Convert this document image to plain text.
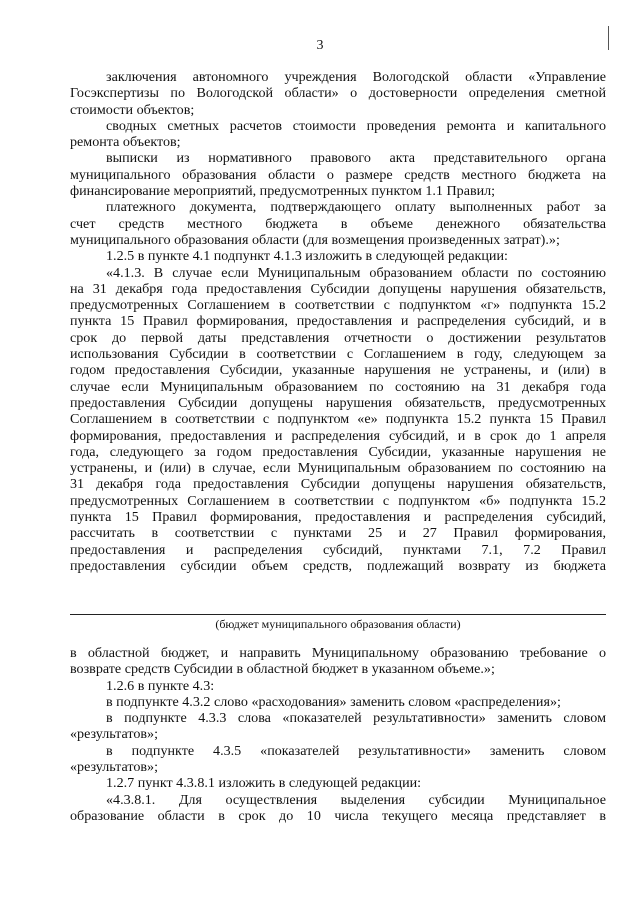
3

заключения автономного учреждения Вологодской области «Управление

Госэкспертизы по Вологодской области» о достоверности определения сметной

стоимости объектов;

сводных сметных расчетов стоимости проведения ремонта и капитального

ремонта объектов;

выписки из нормативного правового акта представительного органа

муниципального образования области о размере средств местного бюджета на

финансирование мероприятий, предусмотренных пунктом 1.1 Правил;

платежного документа, подтверждающего оплату выполненных работ за

счет средств местного бюджета в объеме денежного обязательства

муниципального образования области (для возмещения произведенных затрат).»;

1.2.5 в пункте 4.1 подпункт 4.1.3 изложить в следующей редакции:

«4.1.3. В случае если Муниципальным образованием области по состоянию

на 31 декабря года предоставления Субсидии допущены нарушения обязательств,

предусмотренных Соглашением в соответствии с подпунктом «г» подпункта 15.2

пункта 15 Правил формирования, предоставления и распределения субсидий, и в

срок до первой даты представления отчетности о достижении результатов

использования Субсидии в соответствии с Соглашением в году, следующем за

годом предоставления Субсидии, указанные нарушения не устранены, и (или) в

случае если Муниципальным образованием по состоянию на 31 декабря года

предоставления Субсидии допущены нарушения обязательств, предусмотренных

Соглашением в соответствии с подпунктом «е» подпункта 15.2 пункта 15 Правил

формирования, предоставления и распределения субсидий, и в срок до 1 апреля

года, следующего за годом предоставления Субсидии, указанные нарушения не

устранены, и (или) в случае, если Муниципальным образованием по состоянию на

31 декабря года предоставления Субсидии допущены нарушения обязательств,

предусмотренных Соглашением в соответствии с подпунктом «б» подпункта 15.2

пункта 15 Правил формирования, предоставления и распределения субсидий,

рассчитать в соответствии с пунктами 25 и 27 Правил формирования,

предоставления и распределения субсидий, пунктами 7.1, 7.2 Правил

предоставления субсидии объем средств, подлежащий возврату из бюджета

(бюджет муниципального образования области)

в областной бюджет, и направить Муниципальному образованию требование о

возврате средств Субсидии в областной бюджет в указанном объеме.»;

1.2.6 в пункте 4.3:

в подпункте 4.3.2 слово «расходования» заменить словом «распределения»;

в подпункте 4.3.3 слова «показателей результативности» заменить словом

«результатов»;

в подпункте 4.3.5 «показателей результативности» заменить словом

«результатов»;

1.2.7 пункт 4.3.8.1 изложить в следующей редакции:

«4.3.8.1. Для осуществления выделения субсидии Муниципальное

образование области в срок до 10 числа текущего месяца представляет в
